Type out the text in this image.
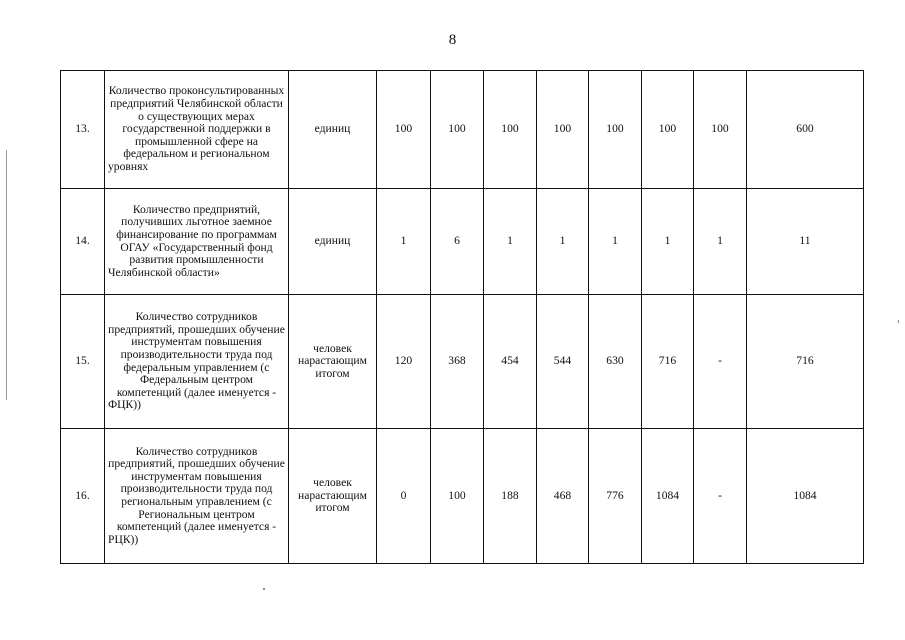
8
13.	Количество проконсультированных предприятий Челябинской области о существующих мерах государственной поддержки в промышленной сфере на федеральном и региональном уровнях	единиц	100	100	100	100	100	100	100	600
14.	Количество предприятий, получивших льготное заемное финансирование по программам ОГАУ «Государственный фонд развития промышленности Челябинской области»	единиц	1	6	1	1	1	1	1	11
15.	Количество сотрудников предприятий, прошедших обучение инструментам повышения производительности труда под федеральным управлением (с Федеральным центром компетенций (далее именуется - ФЦК))	человек нарастающим итогом	120	368	454	544	630	716	-	716
16.	Количество сотрудников предприятий, прошедших обучение инструментам повышения производительности труда под региональным управлением (с Региональным центром компетенций (далее именуется - РЦК))	человек нарастающим итогом	0	100	188	468	776	1084	-	1084
